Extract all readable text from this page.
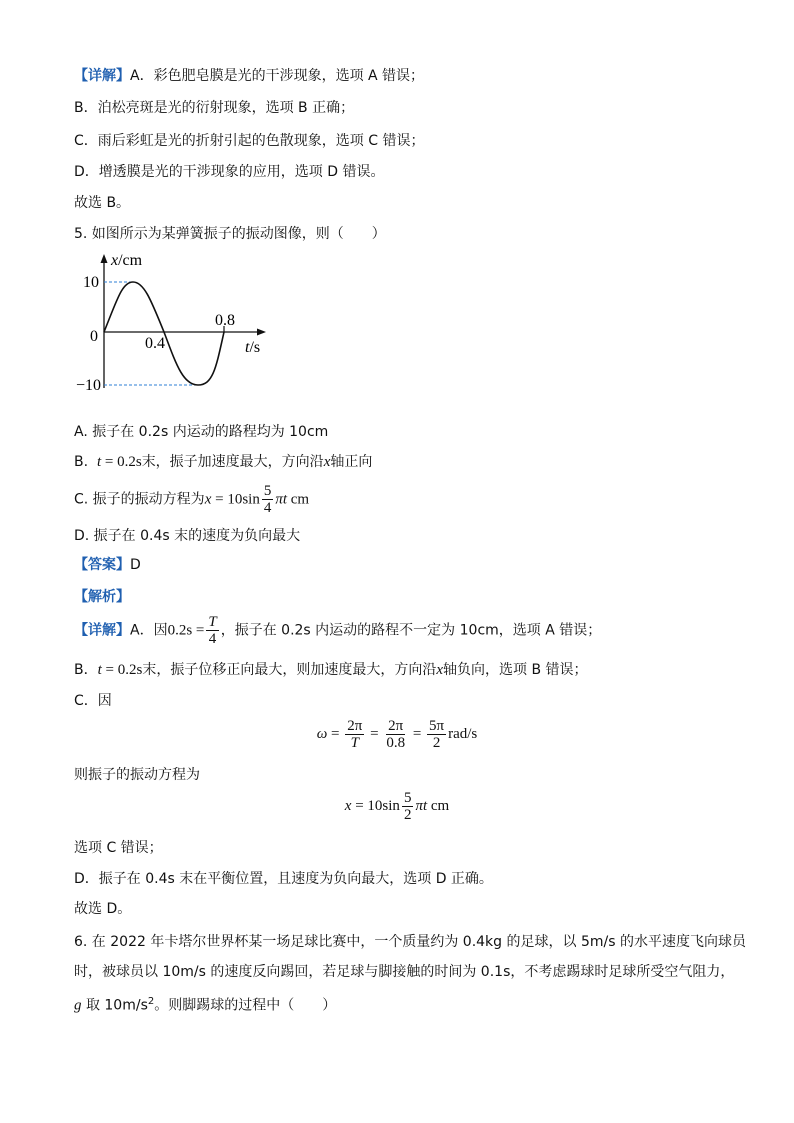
【详解】A．彩色肥皂膜是光的干涉现象，选项 A 错误；
B．泊松亮斑是光的衍射现象，选项 B 正确；
C．雨后彩虹是光的折射引起的色散现象，选项 C 错误；
D．增透膜是光的干涉现象的应用，选项 D 错误。
故选 B。
5. 如图所示为某弹簧振子的振动图像，则（　　）
x/cm
10
0
−10
0.4
0.8
t/s
A. 振子在 0.2s 内运动的路程均为 10cm
B. t = 0.2s末，振子加速度最大，方向沿x轴正向
C. 振子的振动方程为$x = 10\sin \frac{5}{4}$ πt cm
D. 振子在 0.4s 末的速度为负向最大
【答案】D
【解析】
【详解】A．因$0.2s = \frac{T}{4}$ ，振子在 0.2s 内运动的路程不一定为 10cm，选项 A 错误；
B．t = 0.2s末，振子位移正向最大，则加速度最大，方向沿x轴负向，选项 B 错误；
C．因
$\omega = \frac{2\pi}{T} = \frac{2\pi}{0.8} = \frac{5\pi}{2} rad/s$
则振子的振动方程为
$x = 10\sin \frac{5}{2}$ πt cm
选项 C 错误；
D．振子在 0.4s 末在平衡位置，且速度为负向最大，选项 D 正确。
故选 D。
6. 在 2022 年卡塔尔世界杯某一场足球比赛中，一个质量约为 0.4kg 的足球，以 5m/s 的水平速度飞向球员
时，被球员以 10m/s 的速度反向踢回，若足球与脚接触的时间为 0.1s，不考虑踢球时足球所受空气阻力，
g 取 $10m/s^2$。则脚踢球的过程中（　　）
